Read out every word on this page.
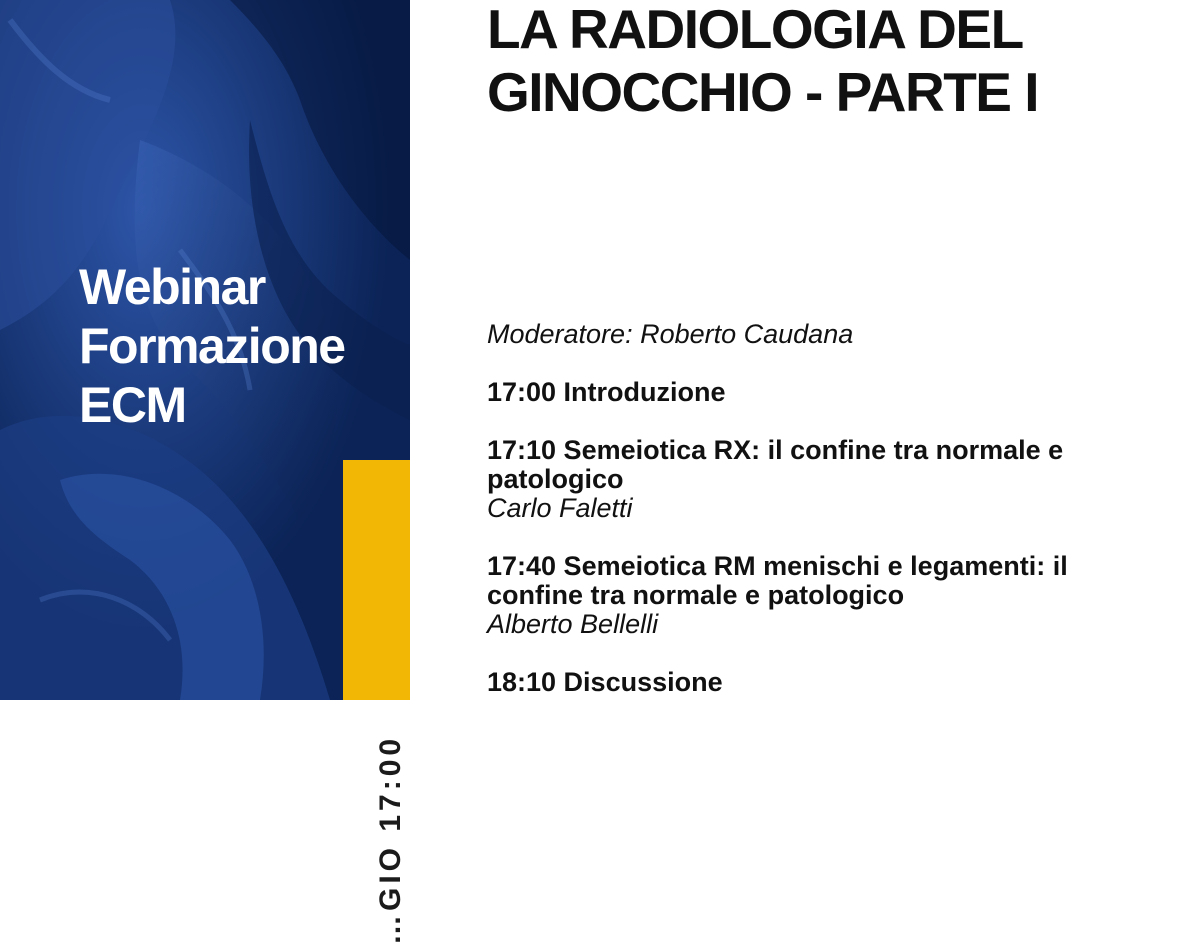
Webinar
Formazione
ECM
…GIO 17:00
LA RADIOLOGIA DEL
GINOCCHIO - PARTE I
Moderatore: Roberto Caudana
17:00 Introduzione
17:10 Semeiotica RX: il confine tra normale e patologico
Carlo Faletti
17:40 Semeiotica RM menischi e legamenti: il confine tra normale e patologico
Alberto Bellelli
18:10 Discussione
